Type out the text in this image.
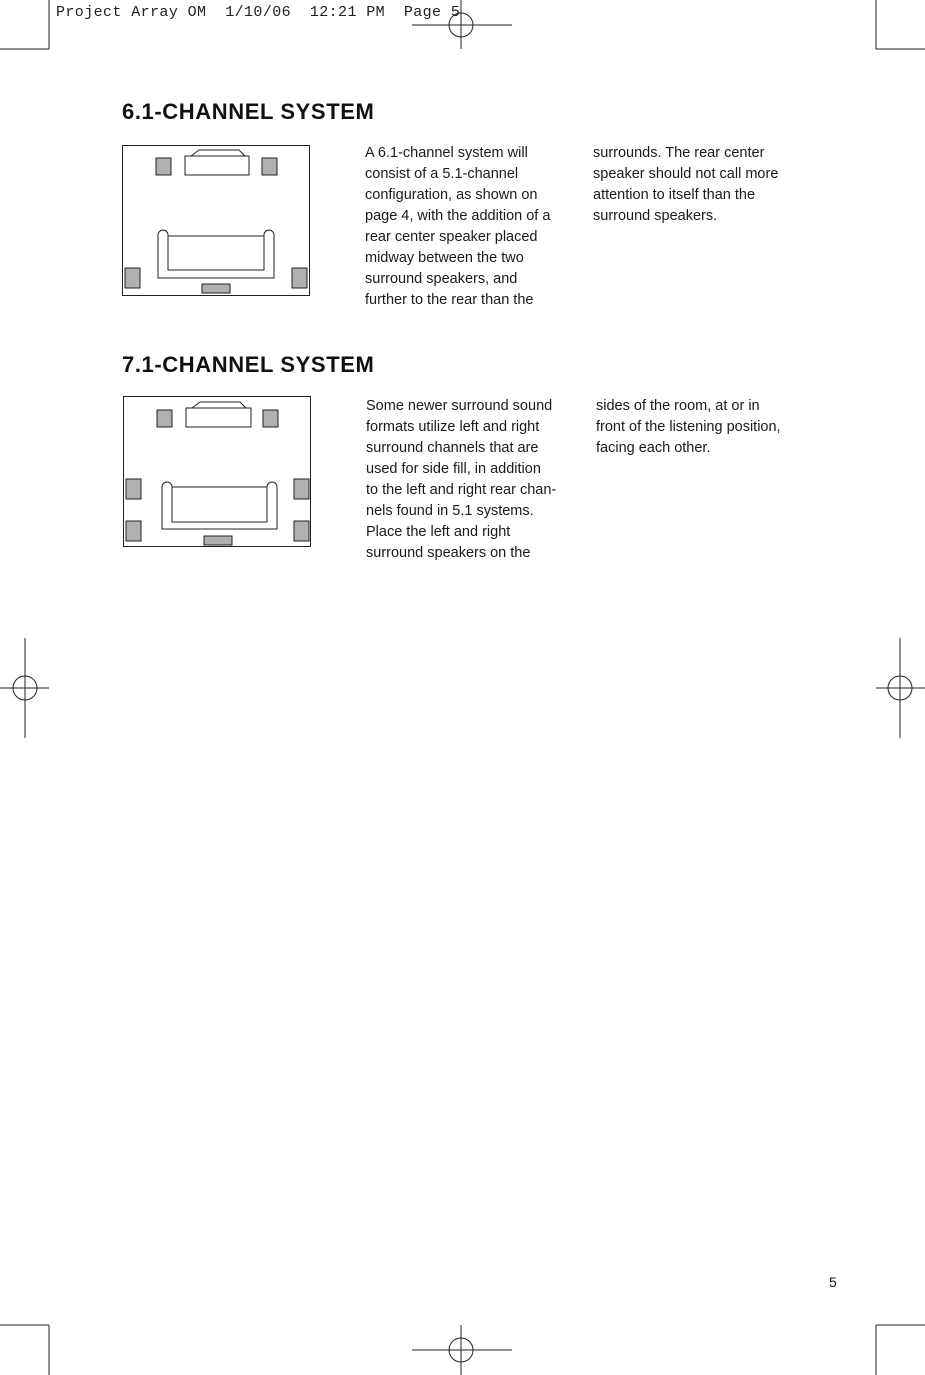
Project Array OM  1/10/06  12:21 PM  Page 5
6.1-CHANNEL SYSTEM

A 6.1-channel system will
consist of a 5.1-channel
configuration, as shown on
page 4, with the addition of a
rear center speaker placed
midway between the two
surround speakers, and
further to the rear than the

surrounds. The rear center
speaker should not call more
attention to itself than the
surround speakers.

7.1-CHANNEL SYSTEM

Some newer surround sound
formats utilize left and right
surround channels that are
used for side fill, in addition
to the left and right rear chan-
nels found in 5.1 systems.
Place the left and right
surround speakers on the

sides of the room, at or in
front of the listening position,
facing each other.

5
